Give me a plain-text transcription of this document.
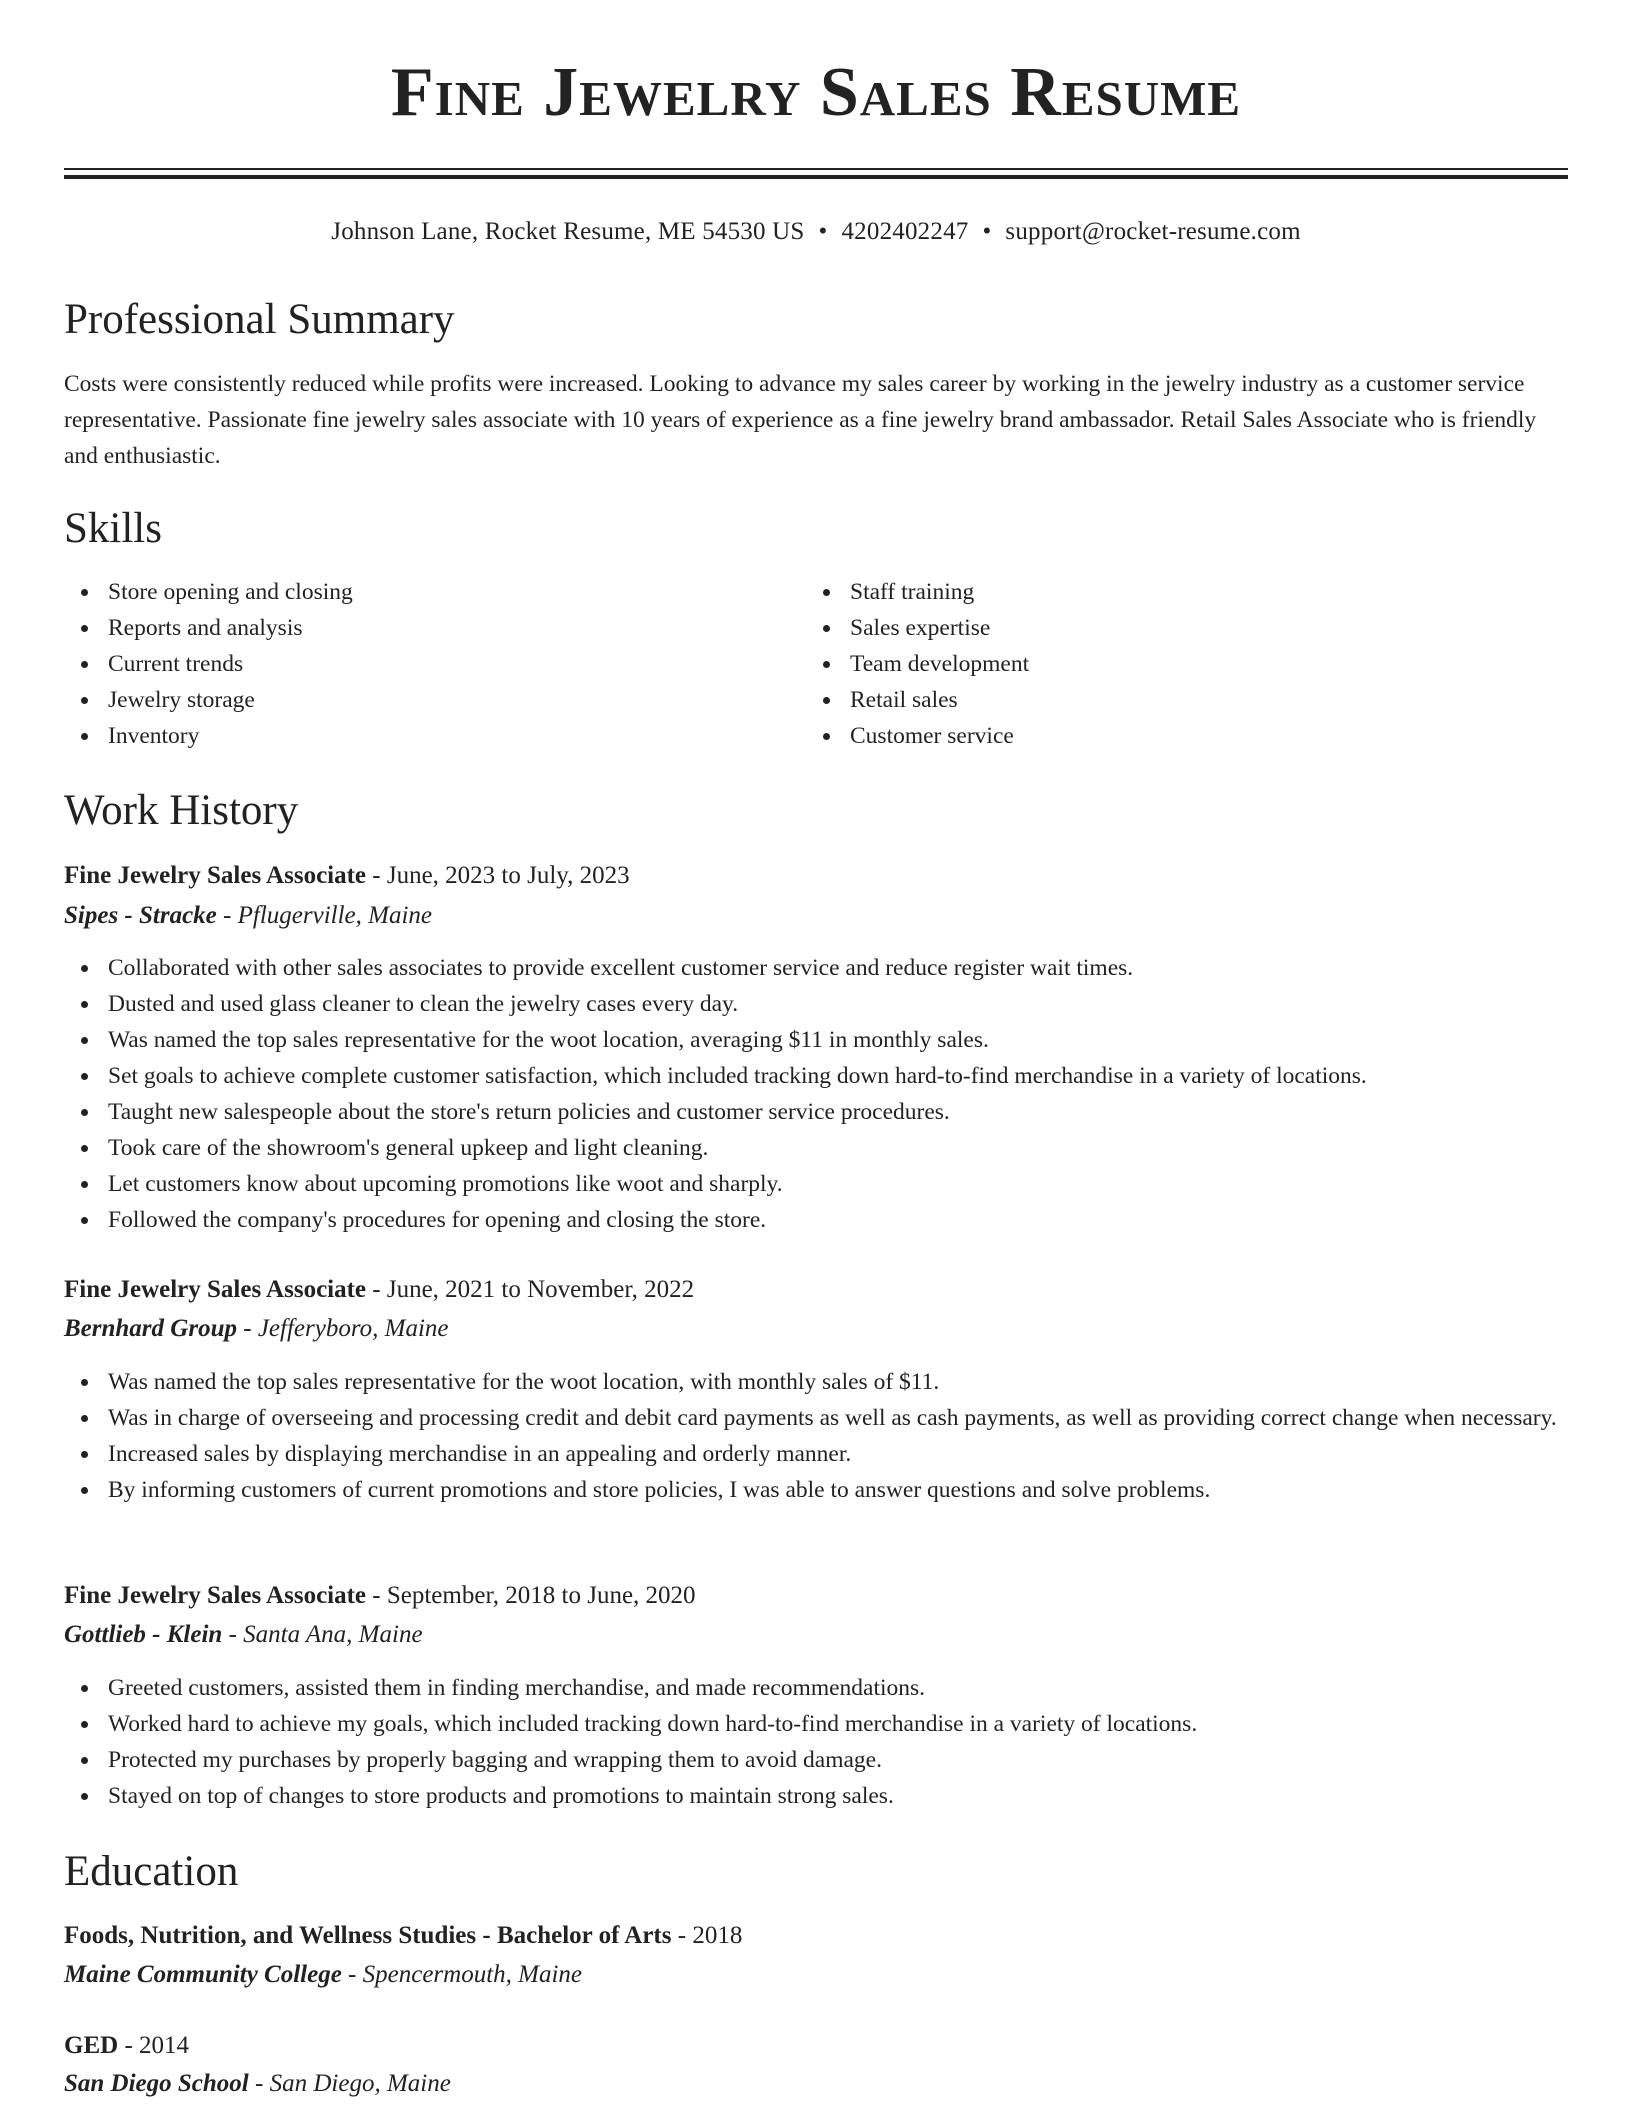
Fine Jewelry Sales Resume
Johnson Lane, Rocket Resume, ME 54530 US • 4202402247 • support@rocket-resume.com
Professional Summary

Costs were consistently reduced while profits were increased. Looking to advance my sales career by working in the jewelry industry as a customer service representative. Passionate fine jewelry sales associate with 10 years of experience as a fine jewelry brand ambassador. Retail Sales Associate who is friendly and enthusiastic.

Skills
Store opening and closing
Reports and analysis
Current trends
Jewelry storage
Inventory
Staff training
Sales expertise
Team development
Retail sales
Customer service
Work History
Fine Jewelry Sales Associate - June, 2023 to July, 2023
Sipes - Stracke - Pflugerville, Maine
Collaborated with other sales associates to provide excellent customer service and reduce register wait times.
Dusted and used glass cleaner to clean the jewelry cases every day.
Was named the top sales representative for the woot location, averaging $11 in monthly sales.
Set goals to achieve complete customer satisfaction, which included tracking down hard-to-find merchandise in a variety of locations.
Taught new salespeople about the store's return policies and customer service procedures.
Took care of the showroom's general upkeep and light cleaning.
Let customers know about upcoming promotions like woot and sharply.
Followed the company's procedures for opening and closing the store.
Fine Jewelry Sales Associate - June, 2021 to November, 2022
Bernhard Group - Jefferyboro, Maine
Was named the top sales representative for the woot location, with monthly sales of $11.
Was in charge of overseeing and processing credit and debit card payments as well as cash payments, as well as providing correct change when necessary.
Increased sales by displaying merchandise in an appealing and orderly manner.
By informing customers of current promotions and store policies, I was able to answer questions and solve problems.
Fine Jewelry Sales Associate - September, 2018 to June, 2020
Gottlieb - Klein - Santa Ana, Maine
Greeted customers, assisted them in finding merchandise, and made recommendations.
Worked hard to achieve my goals, which included tracking down hard-to-find merchandise in a variety of locations.
Protected my purchases by properly bagging and wrapping them to avoid damage.
Stayed on top of changes to store products and promotions to maintain strong sales.
Education
Foods, Nutrition, and Wellness Studies - Bachelor of Arts - 2018
Maine Community College - Spencermouth, Maine
GED - 2014
San Diego School - San Diego, Maine
